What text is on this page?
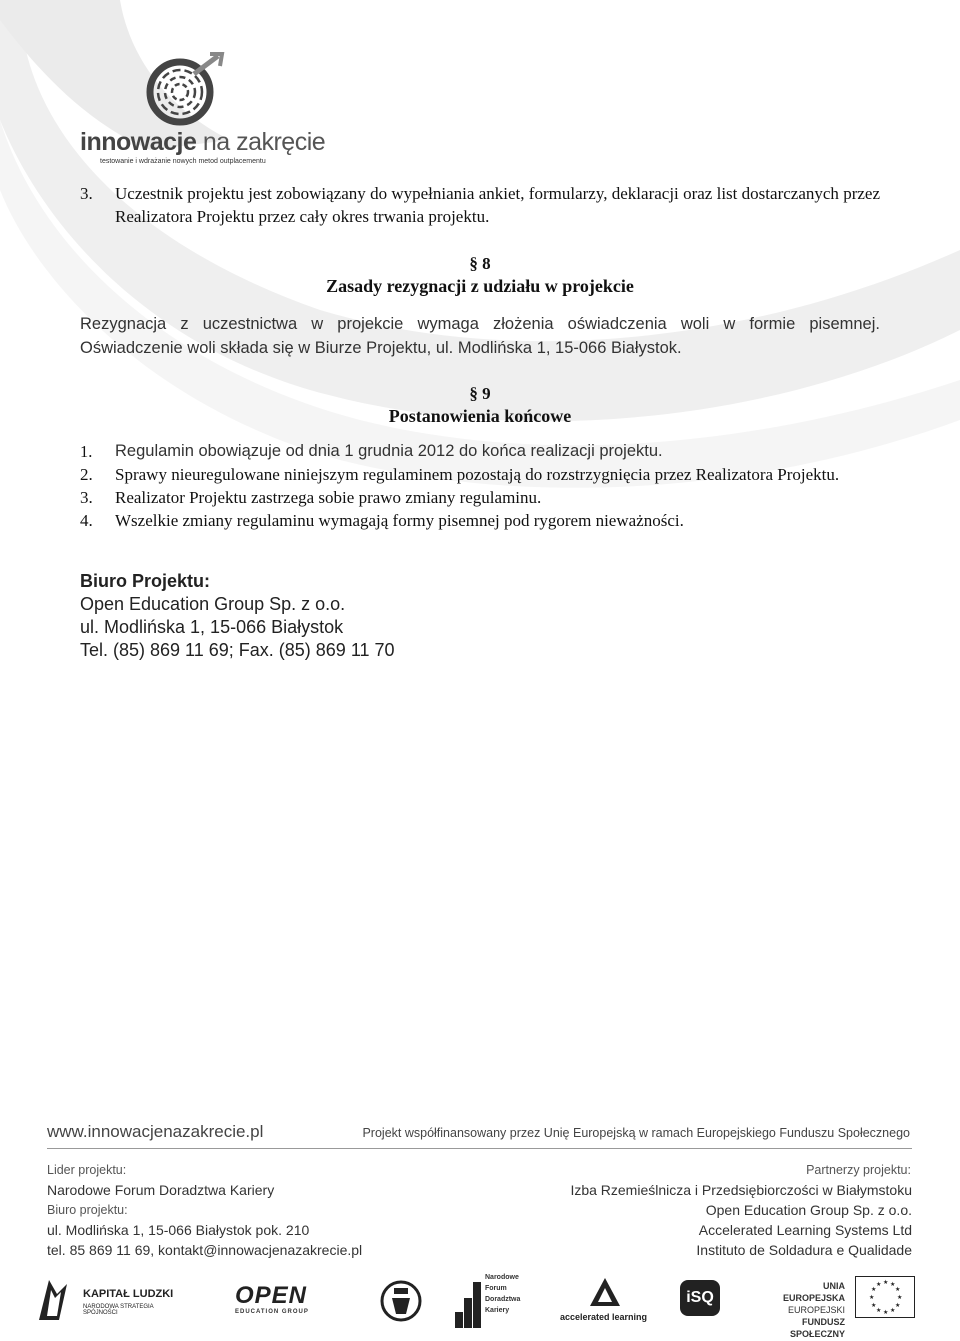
innowacje na zakręcie
testowanie i wdrażanie nowych metod outplacementu
3.	Uczestnik projektu jest zobowiązany do wypełniania ankiet, formularzy, deklaracji oraz list dostarczanych przez Realizatora Projektu przez cały okres trwania projektu.
§ 8
Zasady rezygnacji z udziału w projekcie
Rezygnacja z uczestnictwa w projekcie wymaga złożenia oświadczenia woli w formie pisemnej. Oświadczenie woli składa się w Biurze Projektu, ul. Modlińska 1, 15-066 Białystok.
§ 9
Postanowienia końcowe
1.	Regulamin obowiązuje od dnia 1 grudnia 2012 do końca realizacji projektu.
2.	Sprawy nieuregulowane niniejszym regulaminem pozostają do rozstrzygnięcia przez Realizatora Projektu.
3.	Realizator Projektu zastrzega sobie prawo zmiany regulaminu.
4.	Wszelkie zmiany regulaminu wymagają formy pisemnej pod rygorem nieważności.
Biuro Projektu:
Open Education Group Sp. z o.o.
ul. Modlińska 1, 15-066 Białystok
Tel. (85) 869 11 69; Fax. (85) 869 11 70
www.innowacjenazakrecie.pl	Projekt współfinansowany przez Unię Europejską w ramach Europejskiego Funduszu Społecznego
Lider projektu:
Narodowe Forum Doradztwa Kariery
Biuro projektu:
ul. Modlińska 1, 15-066 Białystok pok. 210
tel. 85 869 11 69, kontakt@innowacjenazakrecie.pl
Partnerzy projektu:
Izba Rzemieślnicza i Przedsiębiorczości w Białymstoku
Open Education Group Sp. z o.o.
Accelerated Learning Systems Ltd
Instituto de Soldadura e Qualidade
KAPITAŁ LUDZKI
NARODOWA STRATEGIA SPÓJNOŚCI
OPEN
EDUCATION GROUP
Narodowe
Forum
Doradztwa
Kariery
accelerated learning
iSQ
UNIA EUROPEJSKA
EUROPEJSKI
FUNDUSZ SPOŁECZNY
★ ★
★
★
★
★
★
★
★
★
★
★
